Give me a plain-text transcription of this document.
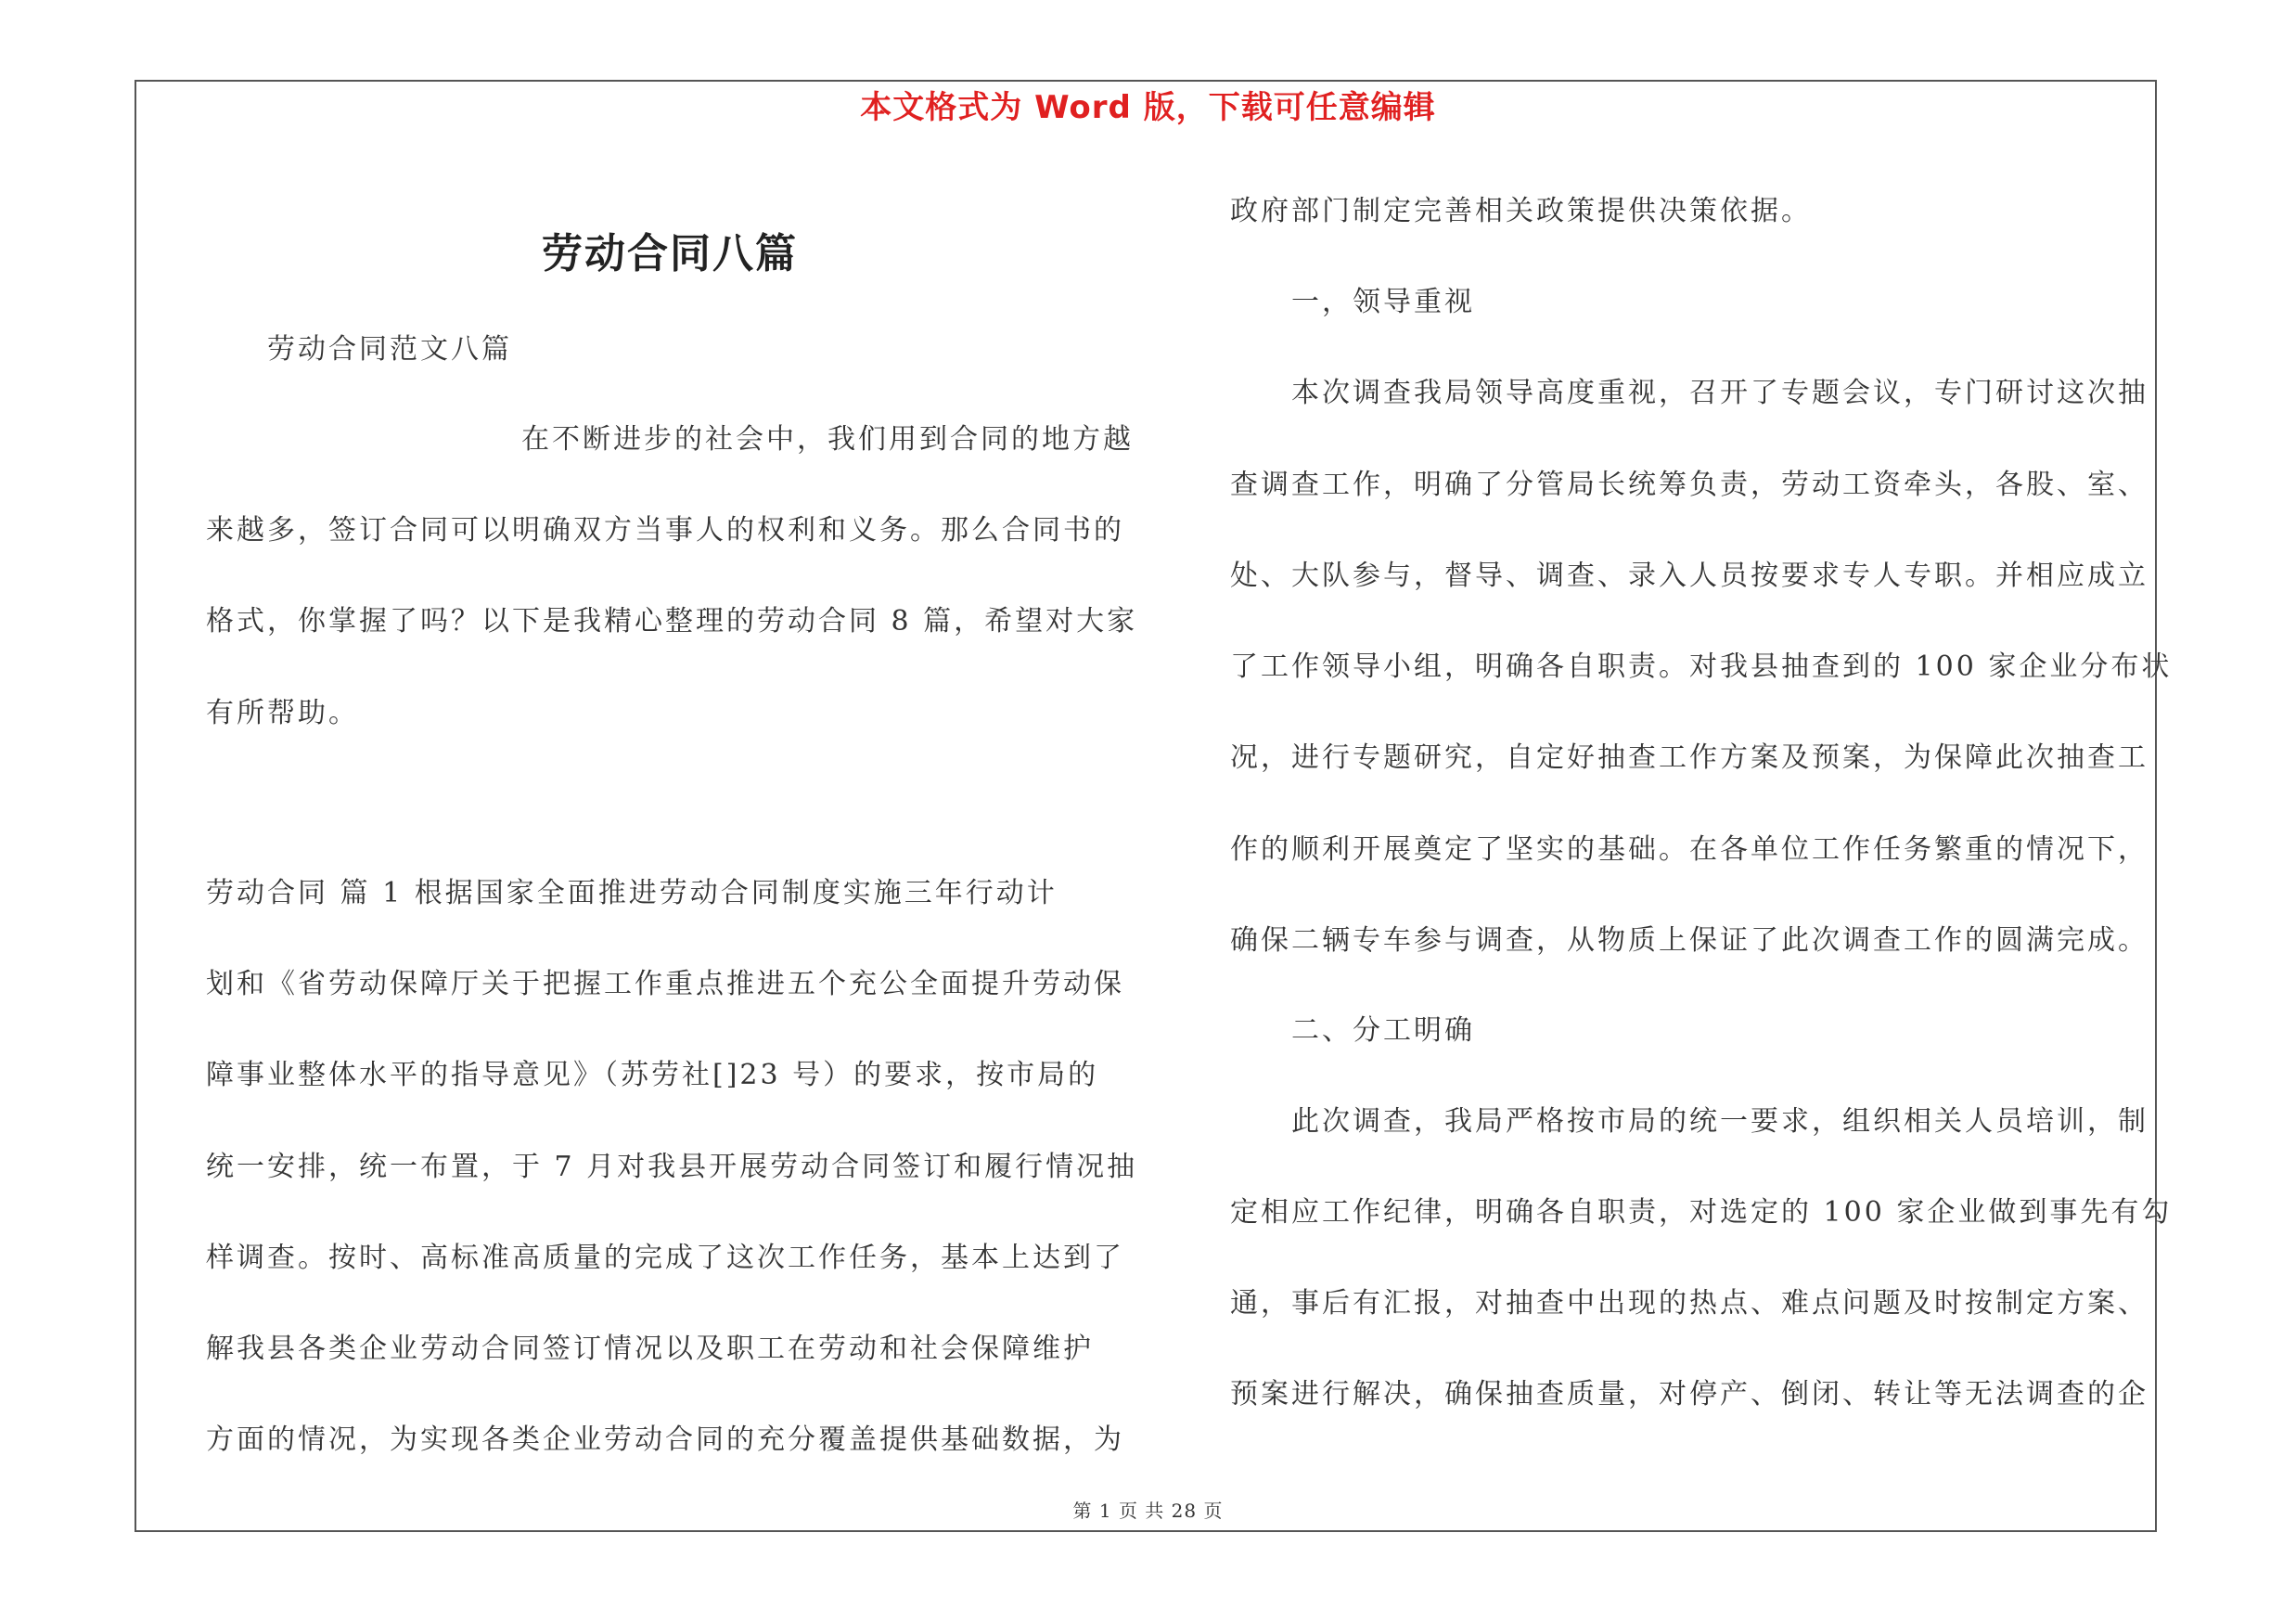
本文格式为 Word 版，下载可任意编辑
劳动合同八篇
劳动合同范文八篇
在不断进步的社会中，我们用到合同的地方越
来越多，签订合同可以明确双方当事人的权利和义务。那么合同书的
格式，你掌握了吗？以下是我精心整理的劳动合同 8 篇，希望对大家
有所帮助。
劳动合同 篇 1 根据国家全面推进劳动合同制度实施三年行动计
划和《省劳动保障厅关于把握工作重点推进五个充公全面提升劳动保
障事业整体水平的指导意见》（苏劳社[]23 号）的要求，按市局的
统一安排，统一布置，于 7 月对我县开展劳动合同签订和履行情况抽
样调查。按时、高标准高质量的完成了这次工作任务，基本上达到了
解我县各类企业劳动合同签订情况以及职工在劳动和社会保障维护
方面的情况，为实现各类企业劳动合同的充分覆盖提供基础数据，为
政府部门制定完善相关政策提供决策依据。
一，领导重视
本次调查我局领导高度重视，召开了专题会议，专门研讨这次抽
查调查工作，明确了分管局长统筹负责，劳动工资牵头，各股、室、
处、大队参与，督导、调查、录入人员按要求专人专职。并相应成立
了工作领导小组，明确各自职责。对我县抽查到的 100 家企业分布状
况，进行专题研究，自定好抽查工作方案及预案，为保障此次抽查工
作的顺利开展奠定了坚实的基础。在各单位工作任务繁重的情况下，
确保二辆专车参与调查，从物质上保证了此次调查工作的圆满完成。
二、分工明确
此次调查，我局严格按市局的统一要求，组织相关人员培训，制
定相应工作纪律，明确各自职责，对选定的 100 家企业做到事先有勾
通，事后有汇报，对抽查中出现的热点、难点问题及时按制定方案、
预案进行解决，确保抽查质量，对停产、倒闭、转让等无法调查的企
第 1 页 共 28 页
